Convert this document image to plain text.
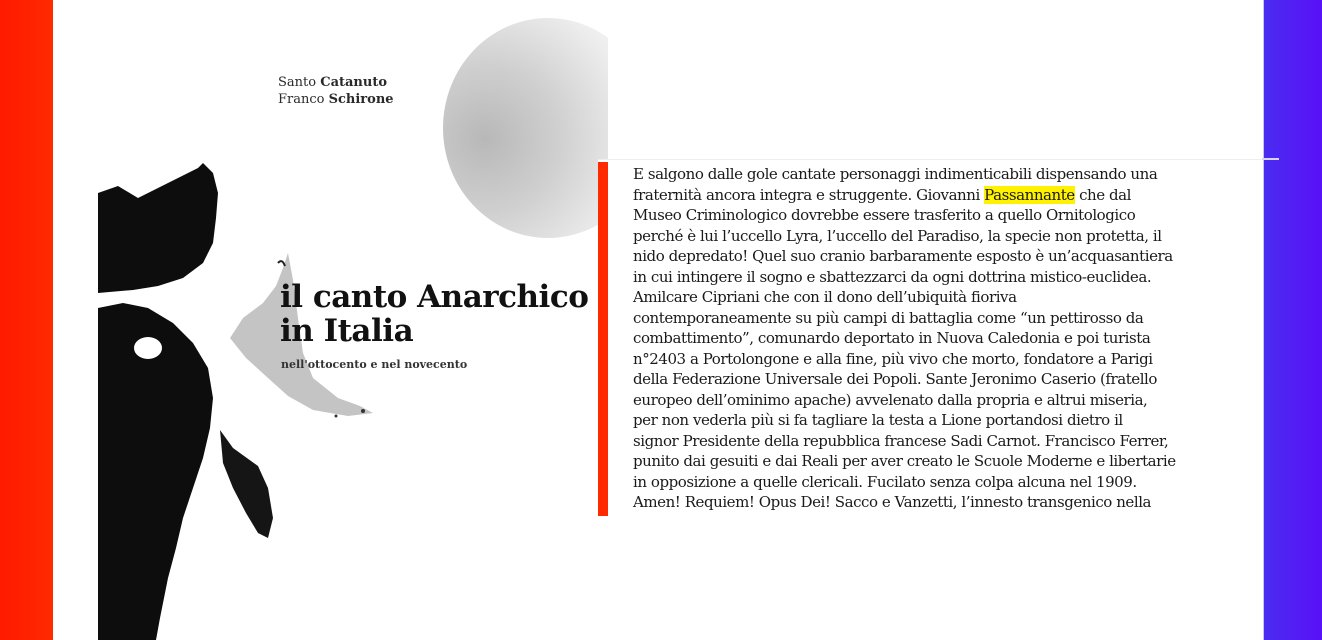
Santo Catanuto
Franco Schirone
il canto Anarchico
in Italia
nell'ottocento e nel novecento
E salgono dalle gole cantate personaggi indimenticabili dispensando una
fraternità ancora integra e struggente. Giovanni Passannante che dal
Museo Criminologico dovrebbe essere trasferito a quello Ornitologico
perché è lui l’uccello Lyra, l’uccello del Paradiso, la specie non protetta, il
nido depredato! Quel suo cranio barbaramente esposto è un’acquasantiera
in cui intingere il sogno e sbattezzarci da ogni dottrina mistico-euclidea.
Amilcare Cipriani che con il dono dell’ubiquità fioriva
contemporaneamente su più campi di battaglia come “un pettirosso da
combattimento”, comunardo deportato in Nuova Caledonia e poi turista
n°2403 a Portolongone e alla fine, più vivo che morto, fondatore a Parigi
della Federazione Universale dei Popoli. Sante Jeronimo Caserio (fratello
europeo dell’ominimo apache) avvelenato dalla propria e altrui miseria,
per non vederla più si fa tagliare la testa a Lione portandosi dietro il
signor Presidente della repubblica francese Sadi Carnot. Francisco Ferrer,
punito dai gesuiti e dai Reali per aver creato le Scuole Moderne e libertarie
in opposizione a quelle clericali. Fucilato senza colpa alcuna nel 1909.
Amen! Requiem! Opus Dei! Sacco e Vanzetti, l’innesto transgenico nella
